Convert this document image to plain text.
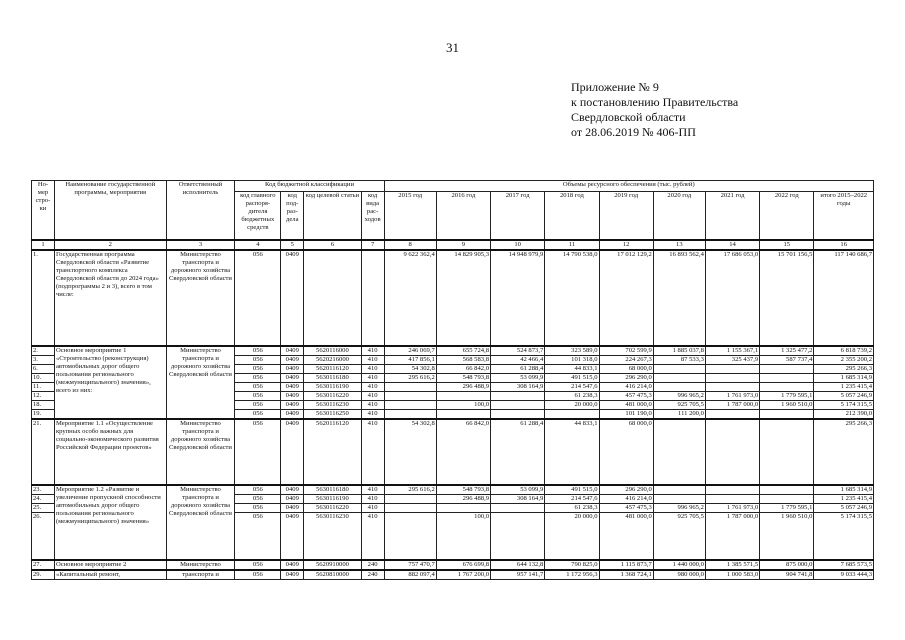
31
Приложение № 9
к постановлению Правительства
Свердловской области
от 28.06.2019 № 406-ПП
Но-мер стро-ки	Наименование государственной программы, мероприятия	Ответственный исполнитель	Код бюджетной классификации				Объемы ресурсного обеспечения (тыс. рублей)								
			код главного распоря-дителя бюджетных средств	код под-раз-дела	код целевой статьи	код вида рас-ходов	2015 год	2016 год	2017 год	2018 год	2019 год	2020 год	2021 год	2022 год	итого 2015–2022 годы
1	2	3	4	5	6	7	8	9	10	11	12	13	14	15	16
1.	Государственная программа Свердловской области «Развитие транспортного комплекса Свердловской области до 2024 года» (подпрограммы 2 и 3), всего в том числе:	Министерство транспорта и дорожного хозяйства Свердловской области	056	0409			9 622 362,4	14 829 905,3	14 948 979,9	14 790 538,0	17 012 129,2	16 893 562,4	17 686 053,0	15 701 156,5	117 140 686,7
2.	Основное мероприятие 1 «Строительство (реконструкция) автомобильных дорог общего пользования регионального (межмуниципального) значения», всего из них:	Министерство транспорта и дорожного хозяйства Свердловской области	056	0409	5620116000	410	246 069,7	655 724,8	524 873,7	323 589,0	702 599,9	1 885 037,8	1 155 367,1	1 325 477,2	6 818 739,2
3.			056	0409	5620216000	410	417 856,1	568 583,8	42 466,4	101 318,0	224 267,3	87 533,3	325 437,9	587 737,4	2 355 200,2
6.			056	0409	5620116120	410	54 302,8	66 842,0	61 288,4	44 833,1	68 000,0				295 266,3
10.			056	0409	5630116180	410	295 616,2	548 793,8	53 099,9	491 515,0	296 290,0				1 685 314,9
11.			056	0409	5630116190	410		296 488,9	308 164,9	214 547,6	416 214,0				1 235 415,4
12.			056	0409	5630116220	410				61 238,3	457 475,3	996 965,2	1 761 973,0	1 779 595,1	5 057 246,9
18.			056	0409	5630116230	410		100,0		20 000,0	481 000,0	925 705,5	1 787 000,0	1 960 510,0	5 174 315,5
19.			056	0409	5630116250	410					101 190,0	111 200,0			212 390,0
21.	Мероприятие 1.1 «Осуществление крупных особо важных для социально-экономического развития Российской Федерации проектов»	Министерство транспорта и дорожного хозяйства Свердловской области	056	0409	5620116120	410	54 302,8	66 842,0	61 288,4	44 833,1	68 000,0				295 266,3
23.	Мероприятие 1.2 «Развитие и увеличение пропускной способности автомобильных дорог общего пользования регионального (межмуниципального) значения»	Министерство транспорта и дорожного хозяйства Свердловской области	056	0409	5630116180	410	295 616,2	548 793,8	53 099,9	491 515,0	296 290,0				1 685 314,9
24.			056	0409	5630116190	410		296 488,9	308 164,9	214 547,6	416 214,0				1 235 415,4
25.			056	0409	5630116220	410				61 238,3	457 475,3	996 965,2	1 761 973,0	1 779 595,1	5 057 246,9
26.			056	0409	5630116230	410		100,0		20 000,0	481 000,0	925 705,5	1 787 000,0	1 960 510,0	5 174 315,5
27.	Основное мероприятие 2	Министерство	056	0409	5620910000	240	757 470,7	676 699,8	644 132,8	790 825,0	1 115 873,7	1 440 000,0	1 385 571,5	875 000,0	7 685 573,5
29.	«Капитальный ремонт,	транспорта и	056	0409	5620810000	240	882 097,4	1 767 200,0	957 141,7	1 172 956,3	1 368 724,1	980 000,0	1 000 583,0	904 741,8	9 033 444,3
